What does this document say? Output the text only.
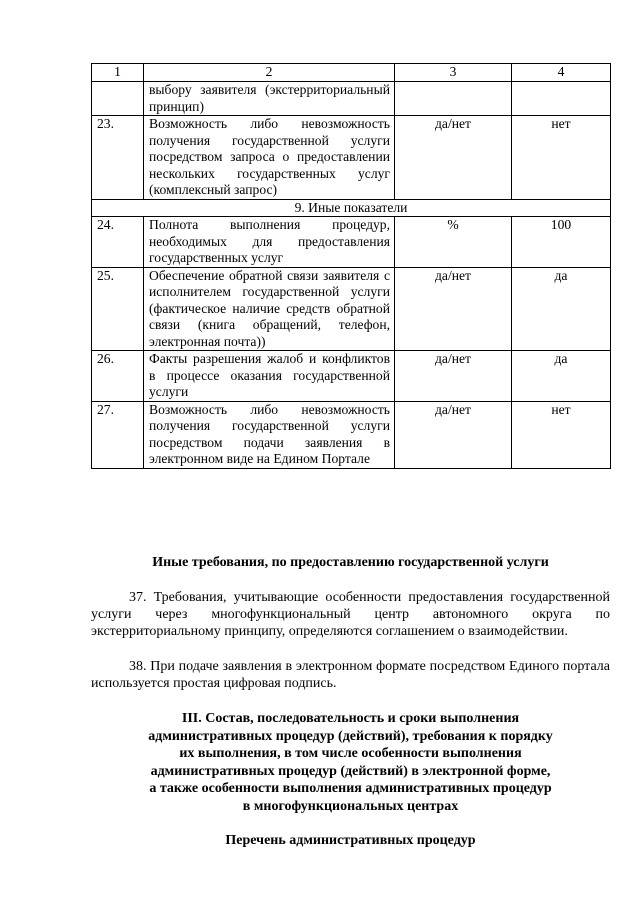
1	2	3	4
	выбору заявителя (экстерриториальный принцип)		
23.	Возможность либо невозможность получения государственной услуги посредством запроса о предоставлении нескольких государственных услуг (комплексный запрос)	да/нет	нет
9. Иные показатели			
24.	Полнота выполнения процедур, необходимых для предоставления государственных услуг	%	100
25.	Обеспечение обратной связи заявителя с исполнителем государственной услуги (фактическое наличие средств обратной связи (книга обращений, телефон, электронная почта))	да/нет	да
26.	Факты разрешения жалоб и конфликтов в процессе оказания государственной услуги	да/нет	да
27.	Возможность либо невозможность получения государственной услуги посредством подачи заявления в электронном виде на Едином Портале	да/нет	нет
Иные требования, по предоставлению государственной услуги
37. Требования, учитывающие особенности предоставления государственной услуги через многофункциональный центр автономного округа по экстерриториальному принципу, определяются соглашением о взаимодействии.
38. При подаче заявления в электронном формате посредством Единого портала используется простая цифровая подпись.
III. Состав, последовательность и сроки выполнения
административных процедур (действий), требования к порядку
их выполнения, в том числе особенности выполнения
административных процедур (действий) в электронной форме,
а также особенности выполнения административных процедур
в многофункциональных центрах
Перечень административных процедур
